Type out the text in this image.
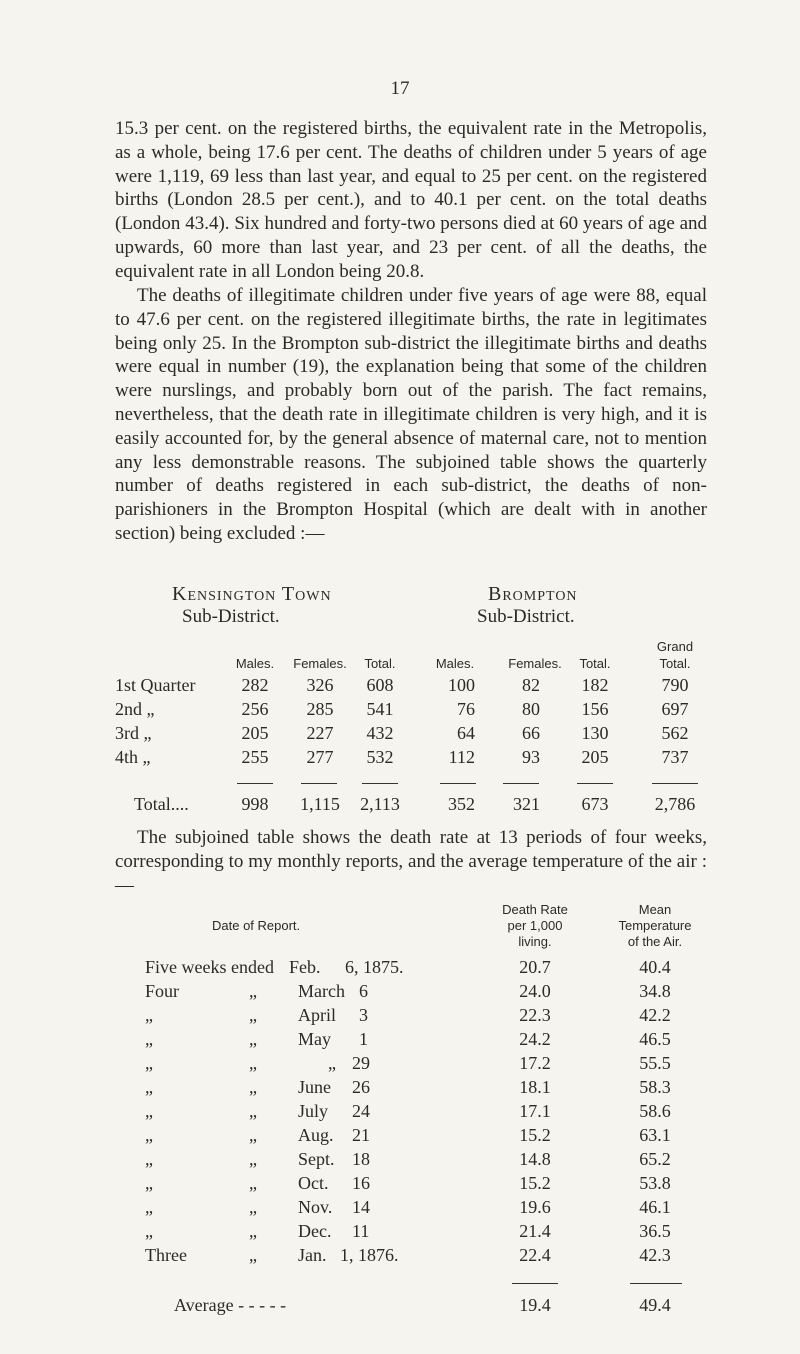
17

15.3 per cent. on the registered births, the equivalent rate in the Metropolis, as a whole, being 17.6 per cent. The deaths of children under 5 years of age were 1,119, 69 less than last year, and equal to 25 per cent. on the registered births (London 28.5 per cent.), and to 40.1 per cent. on the total deaths (London 43.4). Six hundred and forty-two persons died at 60 years of age and upwards, 60 more than last year, and 23 per cent. of all the deaths, the equivalent rate in all London being 20.8.

The deaths of illegitimate children under five years of age were 88, equal to 47.6 per cent. on the registered illegitimate births, the rate in legitimates being only 25. In the Brompton sub-district the illegitimate births and deaths were equal in number (19), the explanation being that some of the children were nurslings, and probably born out of the parish. The fact remains, nevertheless, that the death rate in illegitimate children is very high, and it is easily accounted for, by the general absence of maternal care, not to mention any less demonstrable reasons. The subjoined table shows the quarterly number of deaths registered in each sub-district, the deaths of non-parishioners in the Brompton Hospital (which are dealt with in another section) being excluded :—

Kensington Town
Sub-District.
Brompton
Sub-District.
Grand
Males.	Females.	Total.	Males.	Females.	Total.	Total.
1st Quarter	282	326	608	100	82	182	790
2nd „	256	285	541	76	80	156	697
3rd „	205	227	432	64	66	130	562
4th „	255	277	532	112	93	205	737
Total....	998	1,115	2,113	352	321	673	2,786

The subjoined table shows the death rate at 13 periods of four weeks, corresponding to my monthly reports, and the average temperature of the air :—

Death Rate
per 1,000
living.
Mean
Temperature
of the Air.
Date of Report.
Five weeks ended Feb. 6, 1875.	20.7	40.4
Four	„ March 6	24.0	34.8
„	„ April 3	22.3	42.2
„	„ May 1	24.2	46.5
„	„	„ 29	17.2	55.5
„	„ June 26	18.1	58.3
„	„ July 24	17.1	58.6
„	„ Aug. 21	15.2	63.1
„	„ Sept. 18	14.8	65.2
„	„ Oct. 16	15.2	53.8
„	„ Nov. 14	19.6	46.1
„	„ Dec. 11	21.4	36.5
Three	„ Jan. 1, 1876.	22.4	42.3
Average - - - - -	19.4	49.4
